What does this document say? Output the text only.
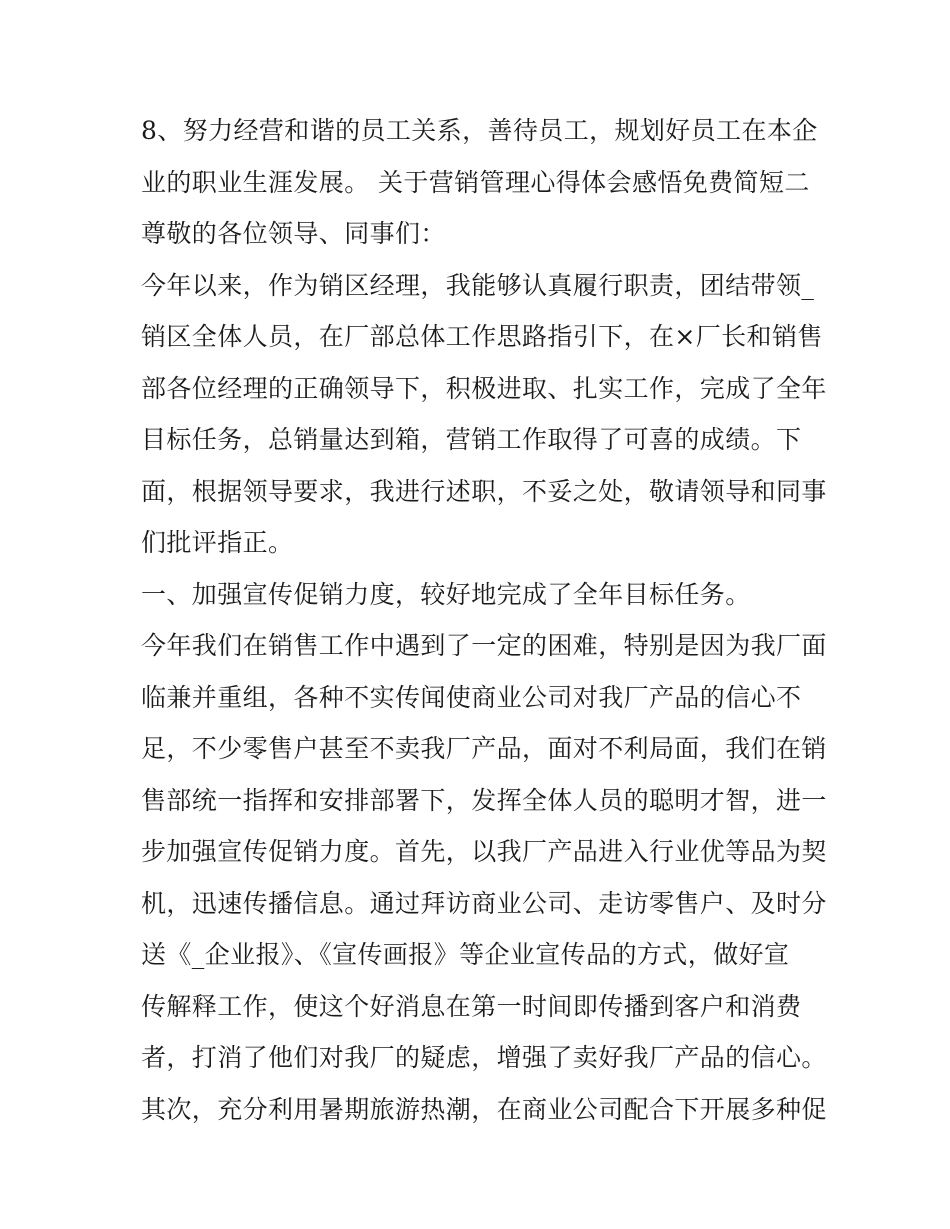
8、努力经营和谐的员工关系，善待员工，规划好员工在本企
业的职业生涯发展。 关于营销管理心得体会感悟免费简短二
尊敬的各位领导、同事们：
今年以来，作为销区经理，我能够认真履行职责，团结带领_
销区全体人员，在厂部总体工作思路指引下，在×厂长和销售
部各位经理的正确领导下，积极进取、扎实工作，完成了全年
目标任务，总销量达到箱，营销工作取得了可喜的成绩。下
面，根据领导要求，我进行述职，不妥之处，敬请领导和同事
们批评指正。
一、加强宣传促销力度，较好地完成了全年目标任务。
今年我们在销售工作中遇到了一定的困难，特别是因为我厂面
临兼并重组，各种不实传闻使商业公司对我厂产品的信心不
足，不少零售户甚至不卖我厂产品，面对不利局面，我们在销
售部统一指挥和安排部署下，发挥全体人员的聪明才智，进一
步加强宣传促销力度。首先，以我厂产品进入行业优等品为契
机，迅速传播信息。通过拜访商业公司、走访零售户、及时分
送《_企业报》、《宣传画报》等企业宣传品的方式，做好宣
传解释工作，使这个好消息在第一时间即传播到客户和消费
者，打消了他们对我厂的疑虑，增强了卖好我厂产品的信心。
其次，充分利用暑期旅游热潮，在商业公司配合下开展多种促
